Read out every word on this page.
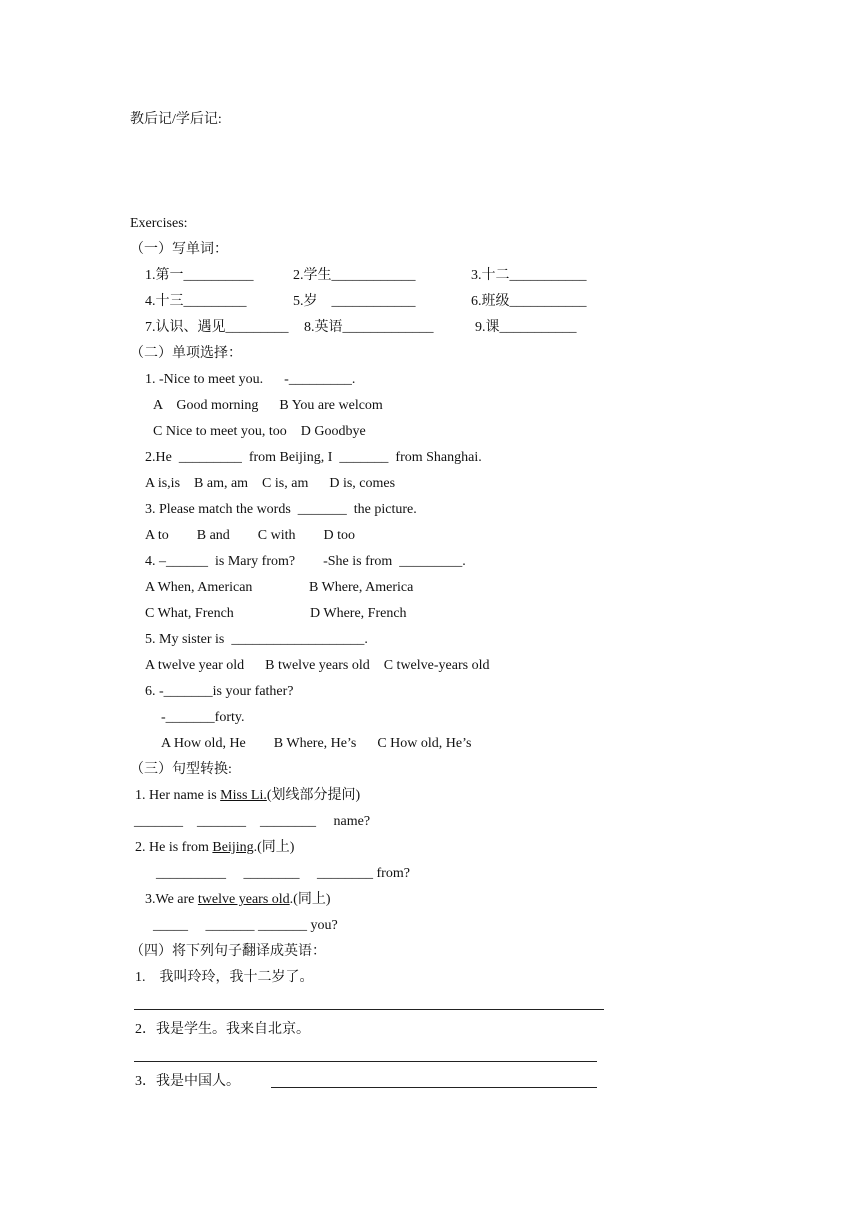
教后记/学后记:
Exercises:
（一）写单词：
1.第一__________	2.学生____________	3.十二___________
4.十三_________	5.岁    ____________	6.班级___________
7.认识、遇见_________ 8.英语_____________	9.课___________
（二）单项选择：
1. -Nice to meet you.      -_________.
A    Good morning      B You are welcom
C Nice to meet you, too    D Goodbye
2.He  _________  from Beijing, I  _______  from Shanghai.
A is,is    B am, am    C is, am      D is, comes
3. Please match the words  _______  the picture.
A to        B and        C with        D too
4. –______  is Mary from?        -She is from  _________.
A When, American	B Where, America
C What, French	D Where, French
5. My sister is  ___________________.
A twelve year old      B twelve years old    C twelve-years old
6. -_______is your father?
-_______forty.
A How old, He        B Where, He’s      C How old, He’s
（三）句型转换:
1. Her name is Miss Li.(划线部分提问)
_______    _______    ________     name?
2. He is from Beijing.(同上)
__________     ________     ________ from?
3.We are twelve years old.(同上)
_____     _______ _______ you?
（四）将下列句子翻译成英语：
1.    我叫玲玲，我十二岁了。
2．我是学生。我来自北京。
3．我是中国人。
